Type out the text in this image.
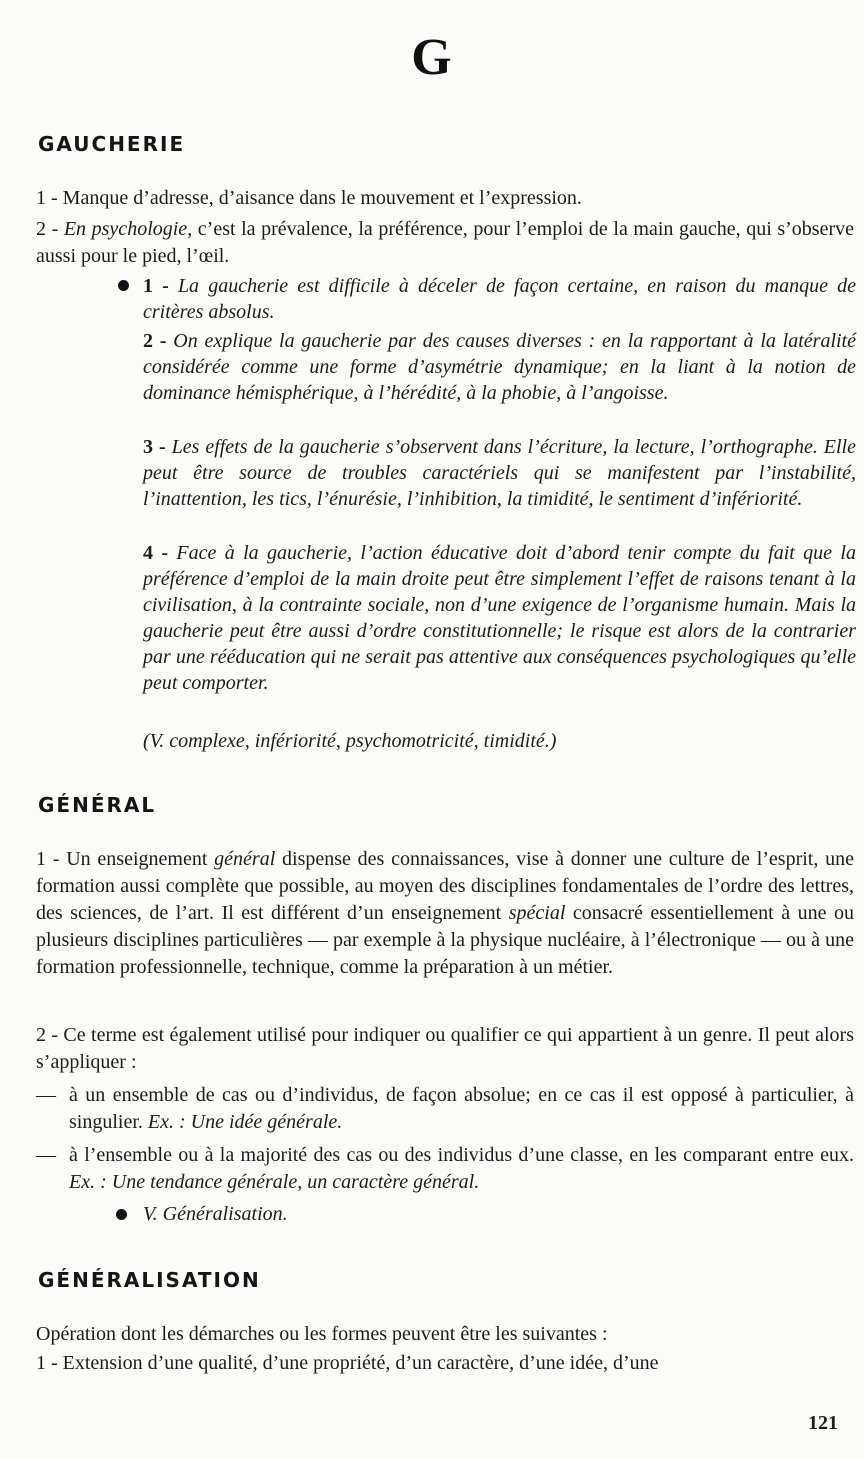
G
GAUCHERIE

1 - Manque d’adresse, d’aisance dans le mouvement et l’expression.

2 - En psychologie, c’est la prévalence, la préférence, pour l’emploi de la main gauche, qui s’observe aussi pour le pied, l’œil.

1 - La gaucherie est difficile à déceler de façon certaine, en raison du manque de critères absolus.

2 - On explique la gaucherie par des causes diverses : en la rapportant à la latéralité considérée comme une forme d’asymétrie dynamique; en la liant à la notion de dominance hémisphérique, à l’hérédité, à la phobie, à l’angoisse.

3 - Les effets de la gaucherie s’observent dans l’écriture, la lecture, l’orthographe. Elle peut être source de troubles caractériels qui se manifestent par l’instabilité, l’inattention, les tics, l’énurésie, l’inhibition, la timidité, le sentiment d’infériorité.

4 - Face à la gaucherie, l’action éducative doit d’abord tenir compte du fait que la préférence d’emploi de la main droite peut être simplement l’effet de raisons tenant à la civilisation, à la contrainte sociale, non d’une exigence de l’organisme humain. Mais la gaucherie peut être aussi d’ordre constitutionnelle; le risque est alors de la contrarier par une rééducation qui ne serait pas attentive aux conséquences psychologiques qu’elle peut comporter.

(V. complexe, infériorité, psychomotricité, timidité.)

GÉNÉRAL

1 - Un enseignement général dispense des connaissances, vise à donner une culture de l’esprit, une formation aussi complète que possible, au moyen des disciplines fondamentales de l’ordre des lettres, des sciences, de l’art. Il est différent d’un enseignement spécial consacré essentiellement à une ou plusieurs disciplines particulières — par exemple à la physique nucléaire, à l’électronique — ou à une formation professionnelle, technique, comme la préparation à un métier.

2 - Ce terme est également utilisé pour indiquer ou qualifier ce qui appartient à un genre. Il peut alors s’appliquer :

— à un ensemble de cas ou d’individus, de façon absolue; en ce cas il est opposé à particulier, à singulier. Ex. : Une idée générale.
— à l’ensemble ou à la majorité des cas ou des individus d’une classe, en les comparant entre eux. Ex. : Une tendance générale, un caractère général.

V. Généralisation.

GÉNÉRALISATION

Opération dont les démarches ou les formes peuvent être les suivantes :

1 - Extension d’une qualité, d’une propriété, d’un caractère, d’une idée, d’une

121
